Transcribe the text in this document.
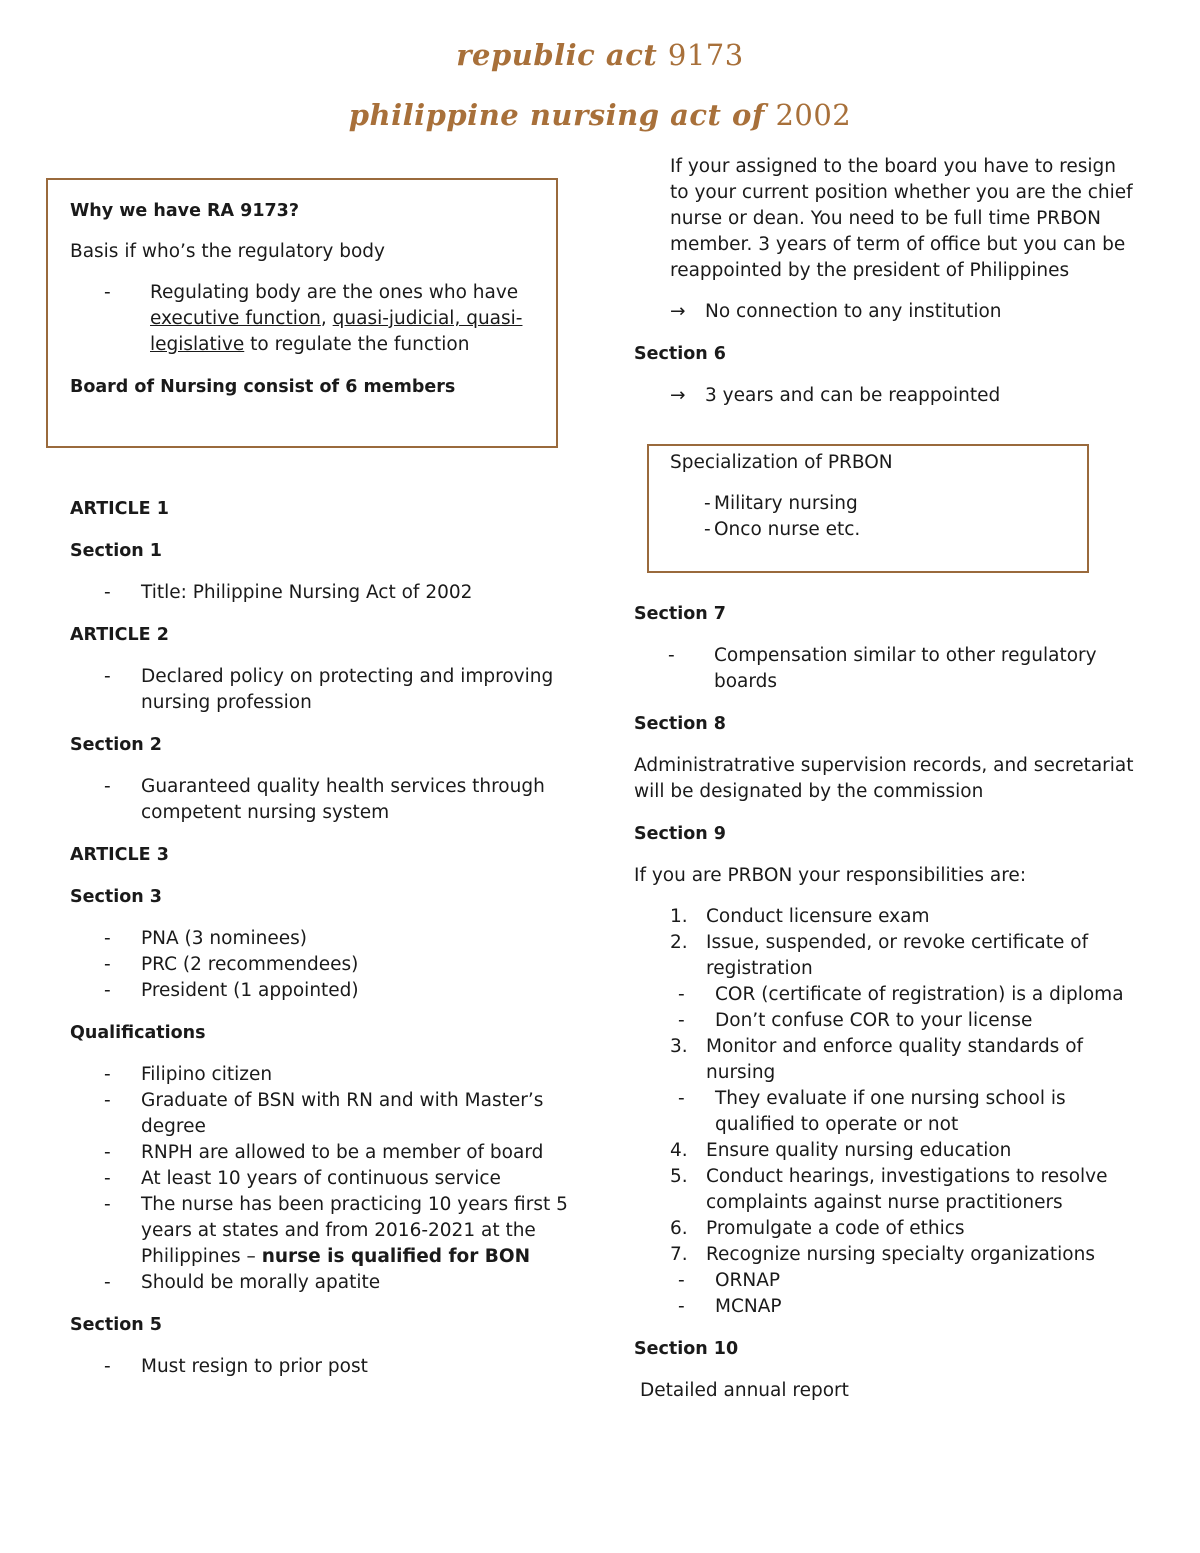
republic act 9173
philippine nursing act of 2002
Why we have RA 9173?
Basis if who’s the regulatory body
- Regulating body are the ones who have executive function, quasi-judicial, quasi-legislative to regulate the function
Board of Nursing consist of 6 members
ARTICLE 1
Section 1
- Title: Philippine Nursing Act of 2002
ARTICLE 2
- Declared policy on protecting and improving nursing profession
Section 2
- Guaranteed quality health services through competent nursing system
ARTICLE 3
Section 3
- PNA (3 nominees)
- PRC (2 recommendees)
- President (1 appointed)
Qualifications
- Filipino citizen
- Graduate of BSN with RN and with Master’s degree
- RNPH are allowed to be a member of board
- At least 10 years of continuous service
- The nurse has been practicing 10 years first 5 years at states and from 2016-2021 at the Philippines – nurse is qualified for BON
- Should be morally apatite
Section 5
- Must resign to prior post
If your assigned to the board you have to resign to your current position whether you are the chief nurse or dean. You need to be full time PRBON member. 3 years of term of office but you can be reappointed by the president of Philippines
→ No connection to any institution
Section 6
→ 3 years and can be reappointed
Specialization of PRBON
- Military nursing
- Onco nurse etc.
Section 7
- Compensation similar to other regulatory boards
Section 8
Administratrative supervision records, and secretariat will be designated by the commission
Section 9
If you are PRBON your responsibilities are:
1. Conduct licensure exam
2. Issue, suspended, or revoke certificate of registration
- COR (certificate of registration) is a diploma
- Don’t confuse COR to your license
3. Monitor and enforce quality standards of nursing
- They evaluate if one nursing school is qualified to operate or not
4. Ensure quality nursing education
5. Conduct hearings, investigations to resolve complaints against nurse practitioners
6. Promulgate a code of ethics
7. Recognize nursing specialty organizations
- ORNAP
- MCNAP
Section 10
Detailed annual report
